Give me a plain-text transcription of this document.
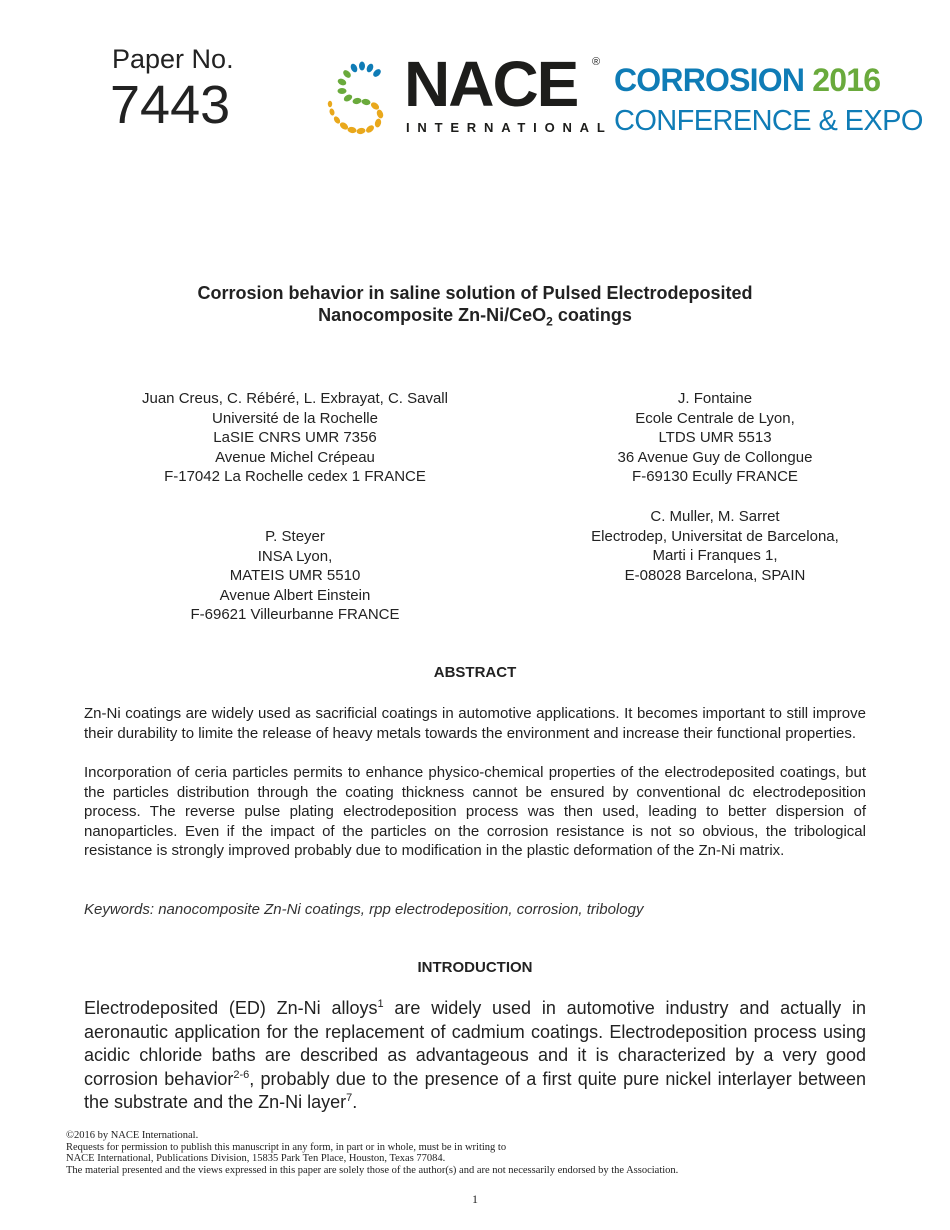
Paper No.
7443	NACE ®
INTERNATIONAL
CORROSION 2016
CONFERENCE & EXPO
Corrosion behavior in saline solution of Pulsed Electrodeposited
Nanocomposite Zn-Ni/CeO$_2$ coatings
Juan Creus, C. Rébéré, L. Exbrayat, C. Savall
Université de la Rochelle
LaSIE CNRS UMR 7356
Avenue Michel Crépeau
F-17042 La Rochelle cedex 1 FRANCE
J. Fontaine
Ecole Centrale de Lyon,
LTDS UMR 5513
36 Avenue Guy de Collongue
F-69130 Ecully FRANCE
C. Muller, M. Sarret
Electrodep, Universitat de Barcelona,
Marti i Franques 1,
E-08028 Barcelona, SPAIN
P. Steyer
INSA Lyon,
MATEIS UMR 5510
Avenue Albert Einstein
F-69621 Villeurbanne FRANCE
ABSTRACT
Zn-Ni coatings are widely used as sacrificial coatings in automotive applications. It becomes important to still improve their durability to limite the release of heavy metals towards the environment and increase their functional properties.
Incorporation of ceria particles permits to enhance physico-chemical properties of the electrodeposited coatings, but the particles distribution through the coating thickness cannot be ensured by conventional dc electrodeposition process. The reverse pulse plating electrodeposition process was then used, leading to better dispersion of nanoparticles. Even if the impact of the particles on the corrosion resistance is not so obvious, the tribological resistance is strongly improved probably due to modification in the plastic deformation of the Zn-Ni matrix.
Keywords: nanocomposite Zn-Ni coatings, rpp electrodeposition, corrosion, tribology
INTRODUCTION
Electrodeposited (ED) Zn-Ni alloys$^1$ are widely used in automotive industry and actually in aeronautic application for the replacement of cadmium coatings. Electrodeposition process using acidic chloride baths are described as advantageous and it is characterized by a very good corrosion behavior$^{2-6}$, probably due to the presence of a first quite pure nickel interlayer between the substrate and the Zn-Ni layer$^7$.
©2016 by NACE International.
Requests for permission to publish this manuscript in any form, in part or in whole, must be in writing to
NACE International, Publications Division, 15835 Park Ten Place, Houston, Texas 77084.
The material presented and the views expressed in this paper are solely those of the author(s) and are not necessarily endorsed by the Association.
1
